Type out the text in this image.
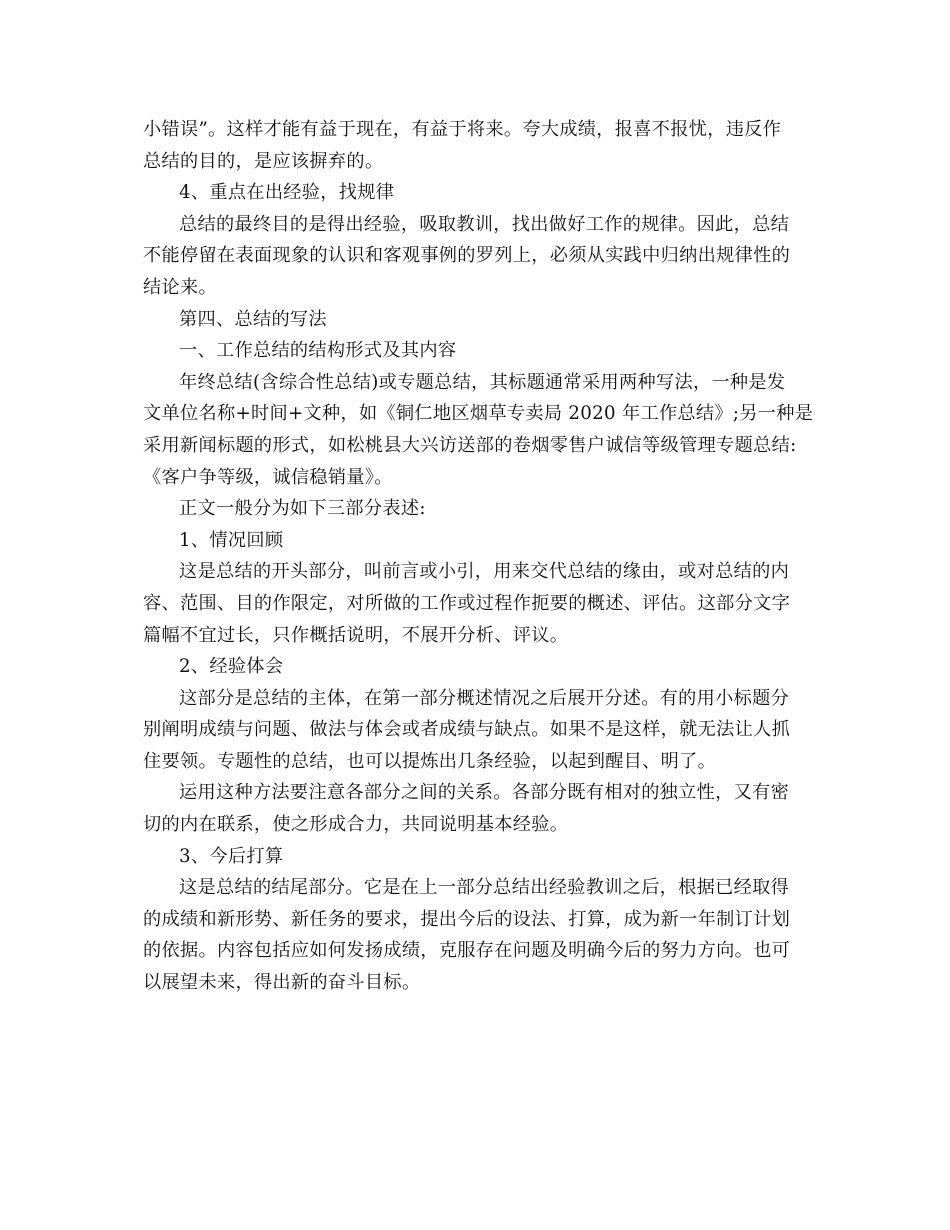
小错误”。这样才能有益于现在，有益于将来。夸大成绩，报喜不报忧，违反作
总结的目的，是应该摒弃的。
4、重点在出经验，找规律
总结的最终目的是得出经验，吸取教训，找出做好工作的规律。因此，总结
不能停留在表面现象的认识和客观事例的罗列上，必须从实践中归纳出规律性的
结论来。
第四、总结的写法
一、工作总结的结构形式及其内容
年终总结(含综合性总结)或专题总结，其标题通常采用两种写法，一种是发
文单位名称+时间+文种，如《铜仁地区烟草专卖局 2020 年工作总结》;另一种是
采用新闻标题的形式，如松桃县大兴访送部的卷烟零售户诚信等级管理专题总结:
《客户争等级，诚信稳销量》。
正文一般分为如下三部分表述:
1、情况回顾
这是总结的开头部分，叫前言或小引，用来交代总结的缘由，或对总结的内
容、范围、目的作限定，对所做的工作或过程作扼要的概述、评估。这部分文字
篇幅不宜过长，只作概括说明，不展开分析、评议。
2、经验体会
这部分是总结的主体，在第一部分概述情况之后展开分述。有的用小标题分
别阐明成绩与问题、做法与体会或者成绩与缺点。如果不是这样，就无法让人抓
住要领。专题性的总结，也可以提炼出几条经验，以起到醒目、明了。
运用这种方法要注意各部分之间的关系。各部分既有相对的独立性，又有密
切的内在联系，使之形成合力，共同说明基本经验。
3、今后打算
这是总结的结尾部分。它是在上一部分总结出经验教训之后，根据已经取得
的成绩和新形势、新任务的要求，提出今后的设法、打算，成为新一年制订计划
的依据。内容包括应如何发扬成绩，克服存在问题及明确今后的努力方向。也可
以展望未来，得出新的奋斗目标。
